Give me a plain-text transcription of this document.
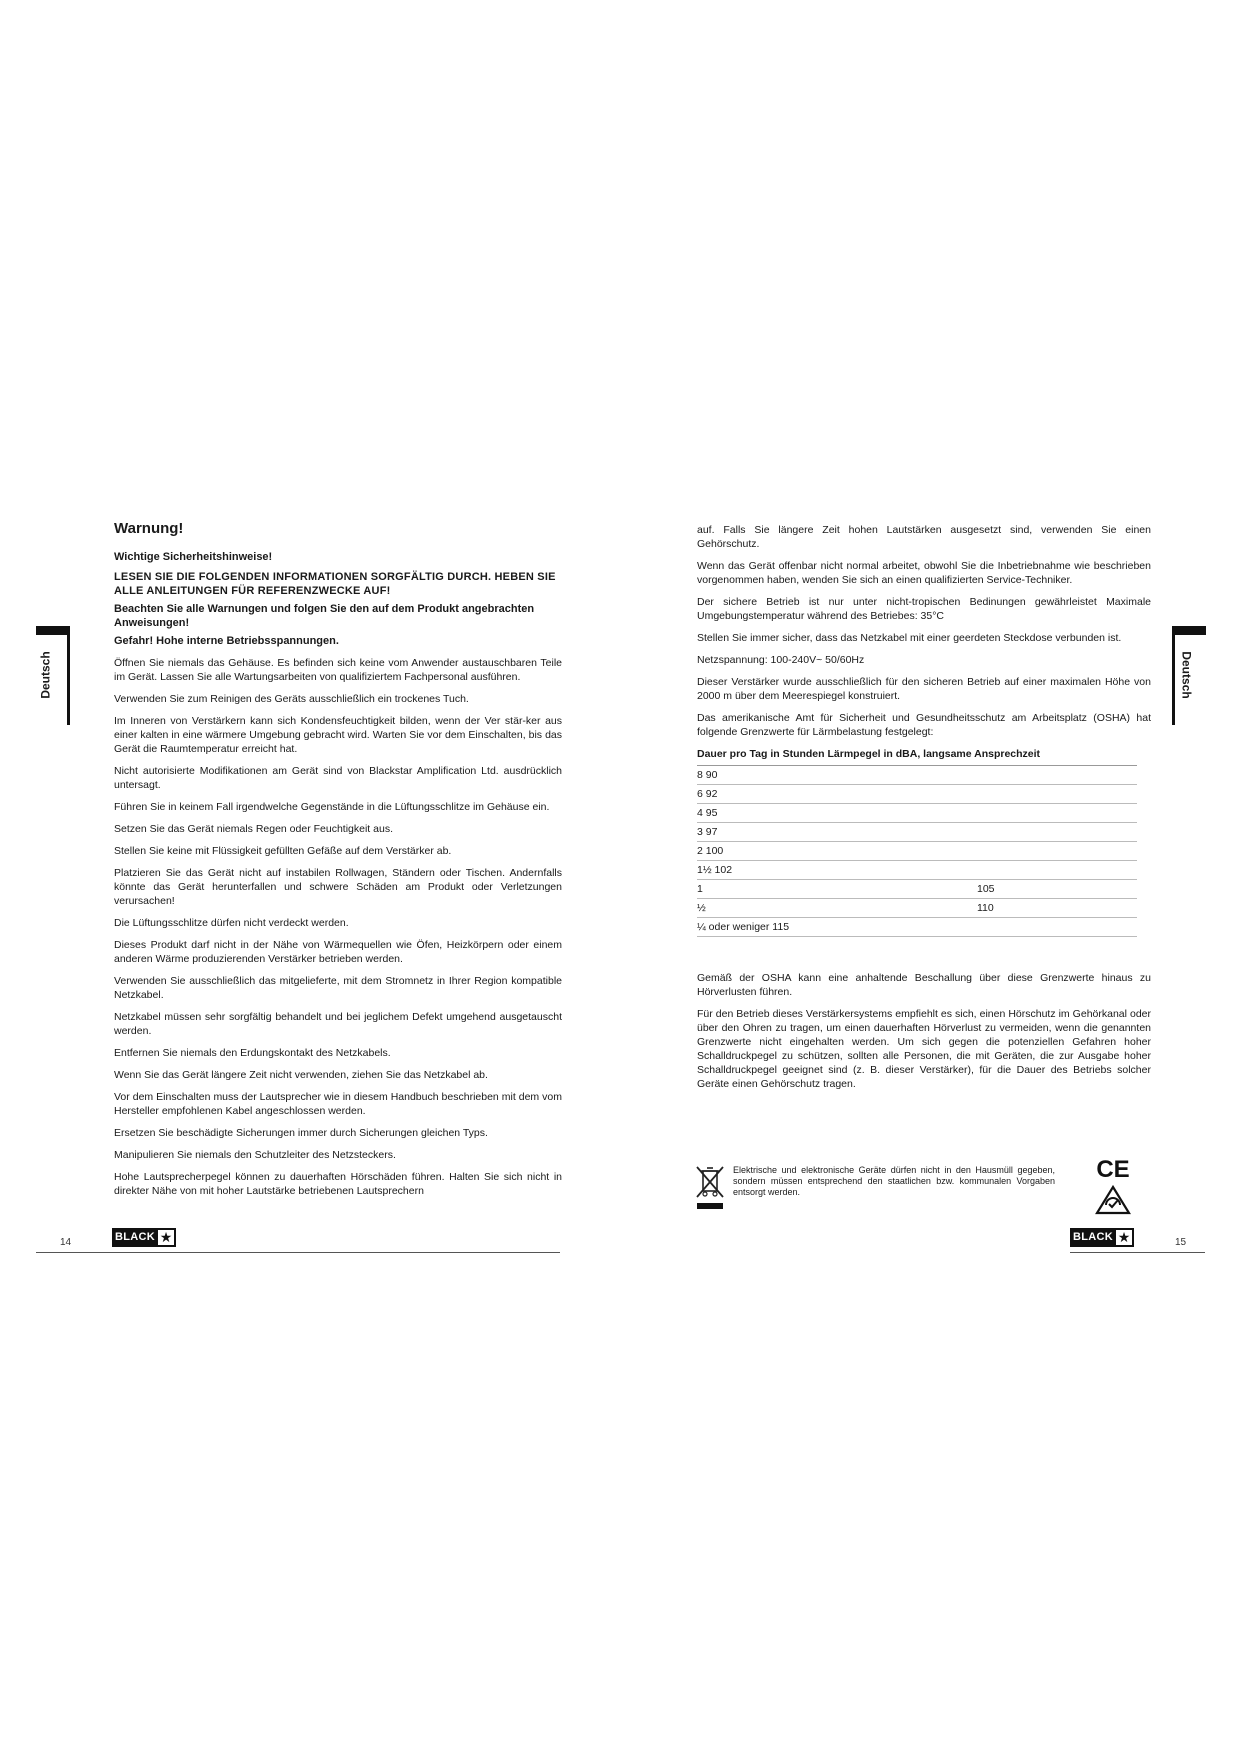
Deutsch
Warnung!
Wichtige Sicherheitshinweise!
LESEN SIE DIE FOLGENDEN INFORMATIONEN SORGFÄLTIG DURCH. HEBEN SIE ALLE ANLEITUNGEN FÜR REFERENZWECKE AUF!
Beachten Sie alle Warnungen und folgen Sie den auf dem Produkt angebrachten Anweisungen!
Gefahr! Hohe interne Betriebsspannungen.

Öffnen Sie niemals das Gehäuse. Es befinden sich keine vom Anwender austauschbaren Teile im Gerät. Lassen Sie alle Wartungsarbeiten von qualifiziertem Fachpersonal ausführen.

Verwenden Sie zum Reinigen des Geräts ausschließlich ein trockenes Tuch.

Im Inneren von Verstärkern kann sich Kondensfeuchtigkeit bilden, wenn der Ver stär-ker aus einer kalten in eine wärmere Umgebung gebracht wird. Warten Sie vor dem Einschalten, bis das Gerät die Raumtemperatur erreicht hat.

Nicht autorisierte Modifikationen am Gerät sind von Blackstar Amplification Ltd. ausdrücklich untersagt.

Führen Sie in keinem Fall irgendwelche Gegenstände in die Lüftungsschlitze im Gehäuse ein.

Setzen Sie das Gerät niemals Regen oder Feuchtigkeit aus.

Stellen Sie keine mit Flüssigkeit gefüllten Gefäße auf dem Verstärker ab.

Platzieren Sie das Gerät nicht auf instabilen Rollwagen, Ständern oder Tischen. Andernfalls könnte das Gerät herunterfallen und schwere Schäden am Produkt oder Verletzungen verursachen!

Die Lüftungsschlitze dürfen nicht verdeckt werden.

Dieses Produkt darf nicht in der Nähe von Wärmequellen wie Öfen, Heizkörpern oder einem anderen Wärme produzierenden Verstärker betrieben werden.

Verwenden Sie ausschließlich das mitgelieferte, mit dem Stromnetz in Ihrer Region kompatible Netzkabel.

Netzkabel müssen sehr sorgfältig behandelt und bei jeglichem Defekt umgehend ausgetauscht werden.

Entfernen Sie niemals den Erdungskontakt des Netzkabels.

Wenn Sie das Gerät längere Zeit nicht verwenden, ziehen Sie das Netzkabel ab.

Vor dem Einschalten muss der Lautsprecher wie in diesem Handbuch beschrieben mit dem vom Hersteller empfohlenen Kabel angeschlossen werden.

Ersetzen Sie beschädigte Sicherungen immer durch Sicherungen gleichen Typs.

Manipulieren Sie niemals den Schutzleiter des Netzsteckers.

Hohe Lautsprecherpegel können zu dauerhaften Hörschäden führen. Halten Sie sich nicht in direkter Nähe von mit hoher Lautstärke betriebenen Lautsprechern

14	BLACK ★
Deutsch

auf. Falls Sie längere Zeit hohen Lautstärken ausgesetzt sind, verwenden Sie einen Gehörschutz.

Wenn das Gerät offenbar nicht normal arbeitet, obwohl Sie die Inbetriebnahme wie beschrieben vorgenommen haben, wenden Sie sich an einen qualifizierten Service-Techniker.

Der sichere Betrieb ist nur unter nicht-tropischen Bedinungen gewährleistet Maximale Umgebungstemperatur während des Betriebes: 35°C

Stellen Sie immer sicher, dass das Netzkabel mit einer geerdeten Steckdose verbunden ist.

Netzspannung: 100-240V~ 50/60Hz

Dieser Verstärker wurde ausschließlich für den sicheren Betrieb auf einer maximalen Höhe von 2000 m über dem Meerespiegel konstruiert.

Das amerikanische Amt für Sicherheit und Gesundheitsschutz am Arbeitsplatz (OSHA) hat folgende Grenzwerte für Lärmbelastung festgelegt:

Dauer pro Tag in Stunden Lärmpegel in dBA, langsame Ansprechzeit	
8 90	
6 92	
4 95	
3 97	
2 100	
1½ 102	
1	105
½	110
¼ oder weniger 115	

Gemäß der OSHA kann eine anhaltende Beschallung über diese Grenzwerte hinaus zu Hörverlusten führen.

Für den Betrieb dieses Verstärkersystems empfiehlt es sich, einen Hörschutz im Gehörkanal oder über den Ohren zu tragen, um einen dauerhaften Hörverlust zu vermeiden, wenn die genannten Grenzwerte nicht eingehalten werden. Um sich gegen die potenziellen Gefahren hoher Schalldruckpegel zu schützen, sollten alle Personen, die mit Geräten, die zur Ausgabe hoher Schalldruckpegel geeignet sind (z. B. dieser Verstärker), für die Dauer des Betriebs solcher Geräte einen Gehörschutz tragen.

Elektrische und elektronische Geräte dürfen nicht in den Hausmüll gegeben, sondern müssen entsprechend den staatlichen bzw. kommunalen Vorgaben entsorgt werden.
CE
15
BLACK ★
